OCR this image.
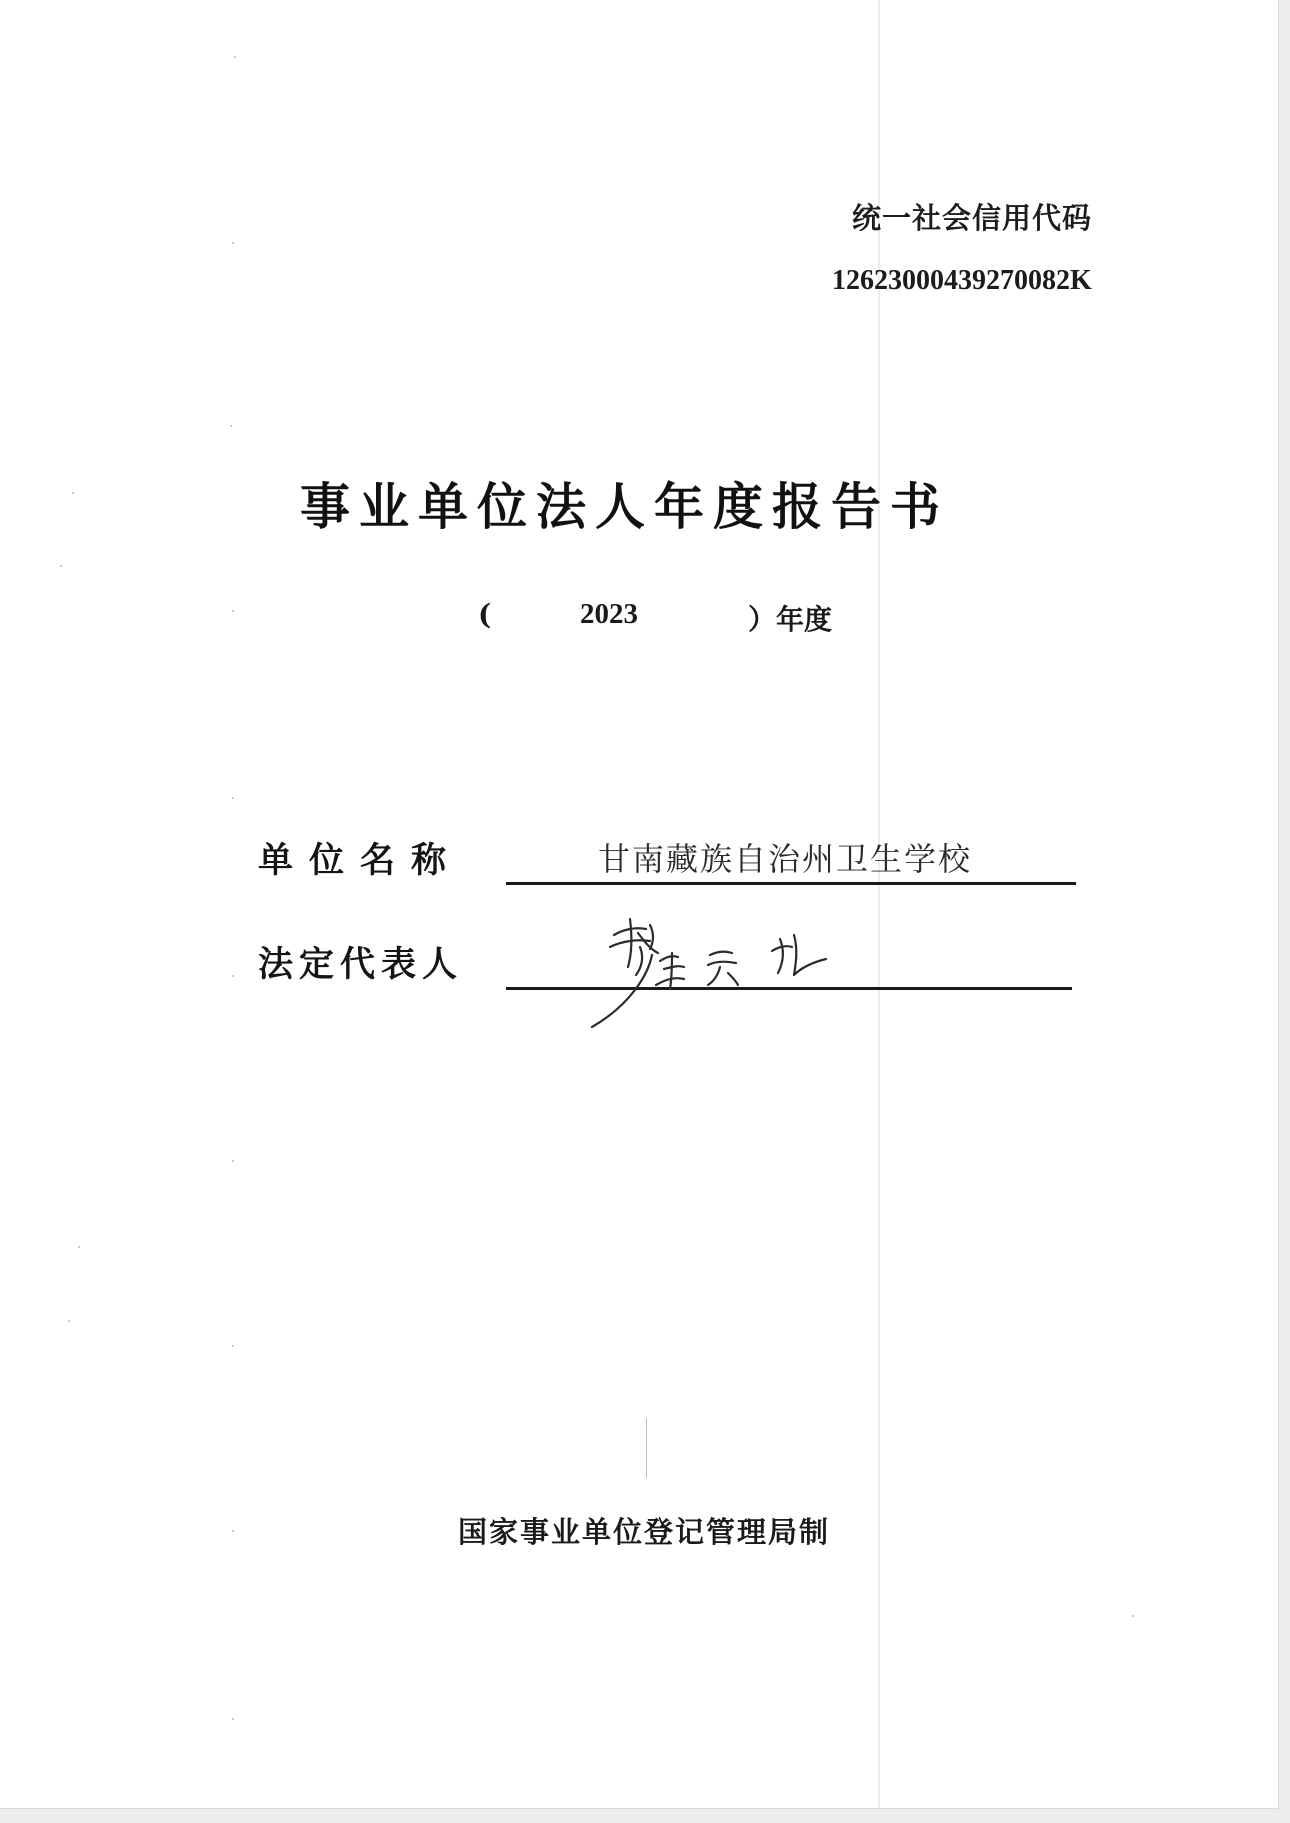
统一社会信用代码
12623000439270082K
事业单位法人年度报告书
(	2023	）年度
单位名称	甘南藏族自治州卫生学校
法定代表人
国家事业单位登记管理局制
